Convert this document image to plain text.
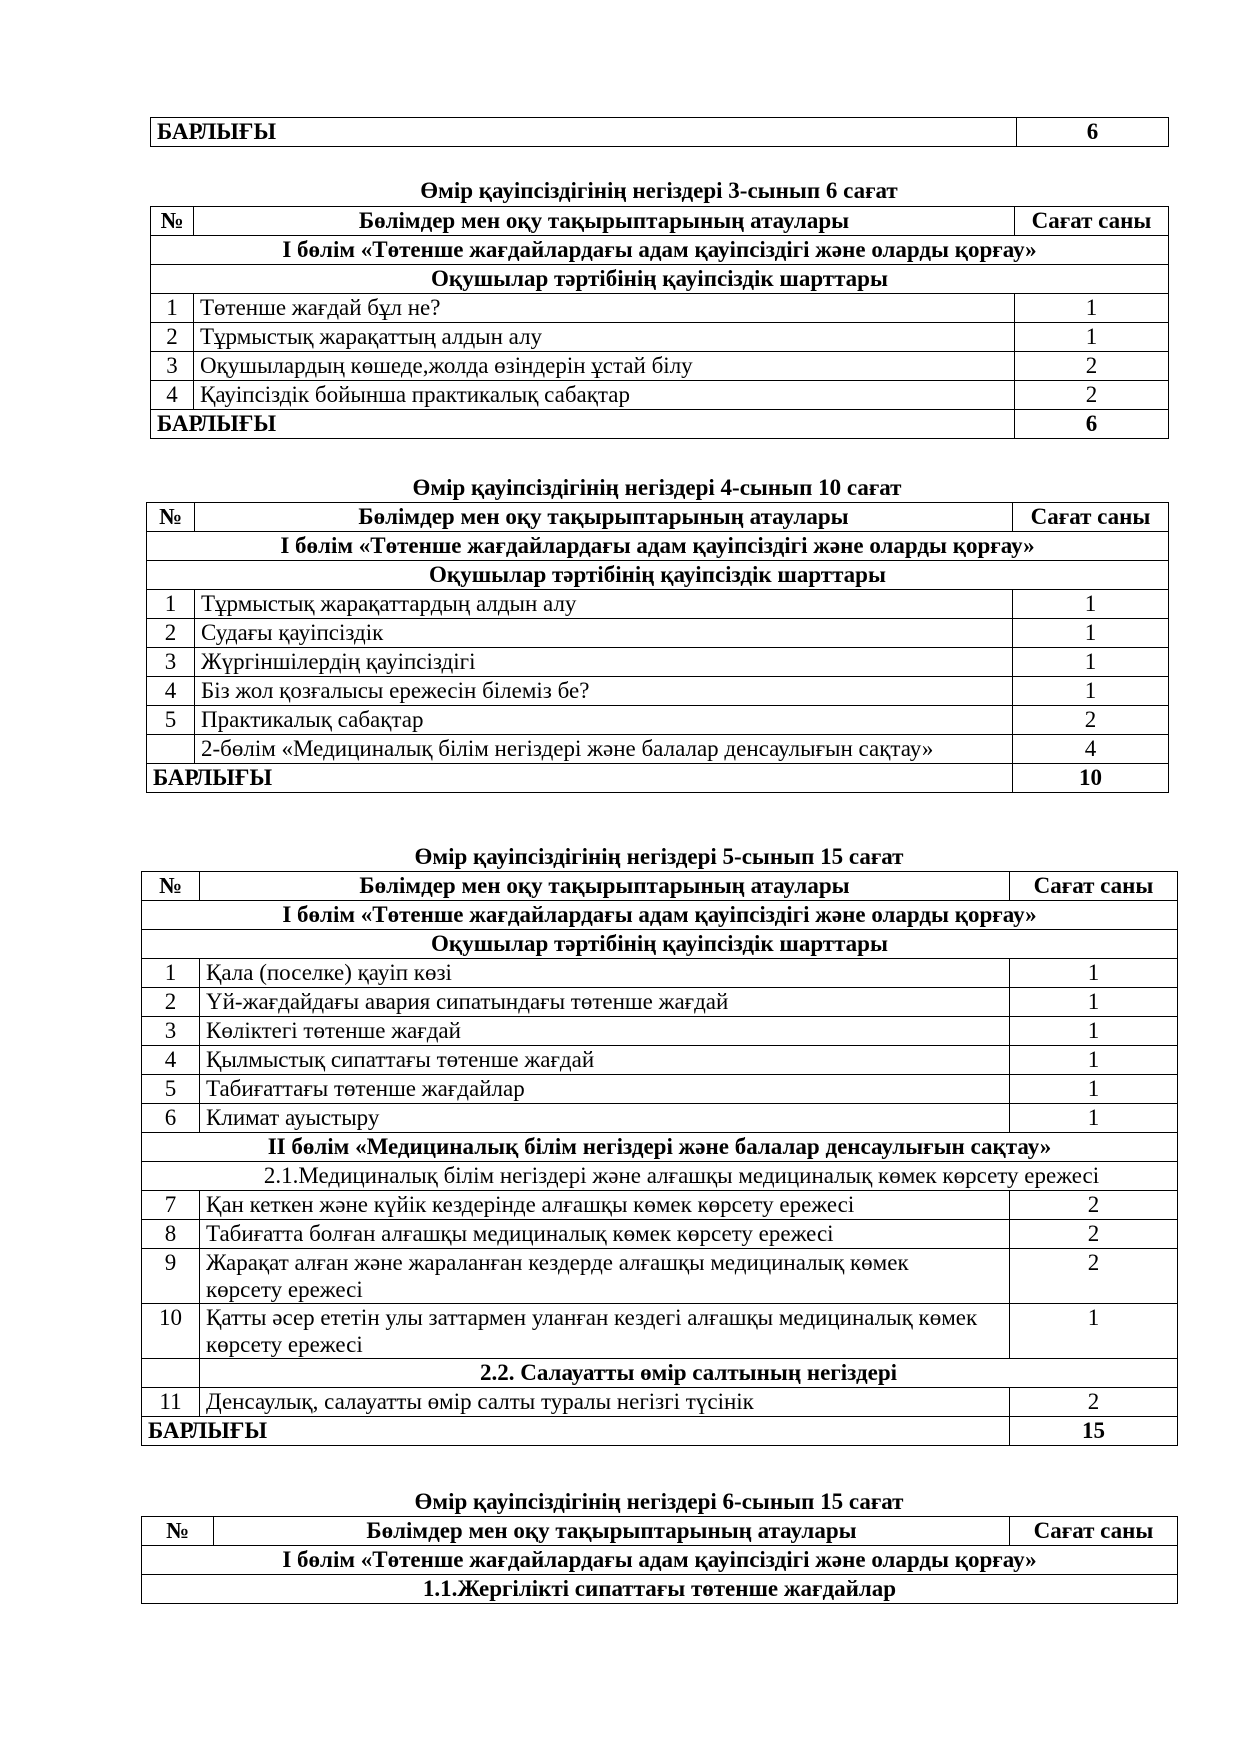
БАРЛЫҒЫ	6
Өмір қауіпсіздігінің негіздері 3-сынып 6 сағат
№	Бөлімдер мен оқу тақырыптарының атаулары	Сағат саны
І бөлім «Төтенше жағдайлардағы адам қауіпсіздігі және оларды қорғау»		
Оқушылар тәртібінің қауіпсіздік шарттары		
1	Төтенше жағдай бұл не?	1
2	Тұрмыстық жарақаттың алдын алу	1
3	Оқушылардың көшеде,жолда өзіндерін ұстай білу	2
4	Қауіпсіздік бойынша практикалық сабақтар	2
БАРЛЫҒЫ		6
Өмір қауіпсіздігінің негіздері 4-сынып 10 сағат
№	Бөлімдер мен оқу тақырыптарының атаулары	Сағат саны
І бөлім «Төтенше жағдайлардағы адам қауіпсіздігі және оларды қорғау»		
Оқушылар тәртібінің қауіпсіздік шарттары		
1	Тұрмыстық жарақаттардың алдын алу	1
2	Судағы қауіпсіздік	1
3	Жүргіншілердің қауіпсіздігі	1
4	Біз жол қозғалысы ережесін білеміз бе?	1
5	Практикалық сабақтар	2
	2-бөлім «Медициналық білім негіздері және балалар денсаулығын сақтау»	4
БАРЛЫҒЫ		10
Өмір қауіпсіздігінің негіздері 5-сынып 15 сағат
№	Бөлімдер мен оқу тақырыптарының атаулары	Сағат саны
І бөлім «Төтенше жағдайлардағы адам қауіпсіздігі және оларды қорғау»		
Оқушылар тәртібінің қауіпсіздік шарттары		
1	Қала (поселке) қауіп көзі	1
2	Үй-жағдайдағы авария сипатындағы төтенше жағдай	1
3	Көліктегі төтенше жағдай	1
4	Қылмыстық сипаттағы төтенше жағдай	1
5	Табиғаттағы төтенше жағдайлар	1
6	Климат ауыстыру	1
ІІ бөлім «Медициналық білім негіздері және балалар денсаулығын сақтау»		
2.1.Медициналық білім негіздері және алғашқы медициналық көмек көрсету ережесі		
7	Қан кеткен және күйік кездерінде алғашқы көмек көрсету ережесі	2
8	Табиғатта болған алғашқы медициналық көмек көрсету ережесі	2
9	Жарақат алған және жараланған кездерде алғашқы медициналық көмек көрсету ережесі	2
10	Қатты әсер ететін улы заттармен уланған кездегі алғашқы медициналық көмек көрсету ережесі	1
	2.2. Салауатты өмір салтының негіздері	
11	Денсаулық, салауатты өмір салты туралы негізгі түсінік	2
БАРЛЫҒЫ		15
Өмір қауіпсіздігінің негіздері 6-сынып 15 сағат
№	Бөлімдер мен оқу тақырыптарының атаулары	Сағат саны
І бөлім «Төтенше жағдайлардағы адам қауіпсіздігі және оларды қорғау»
1.1.Жергілікті сипаттағы төтенше жағдайлар
